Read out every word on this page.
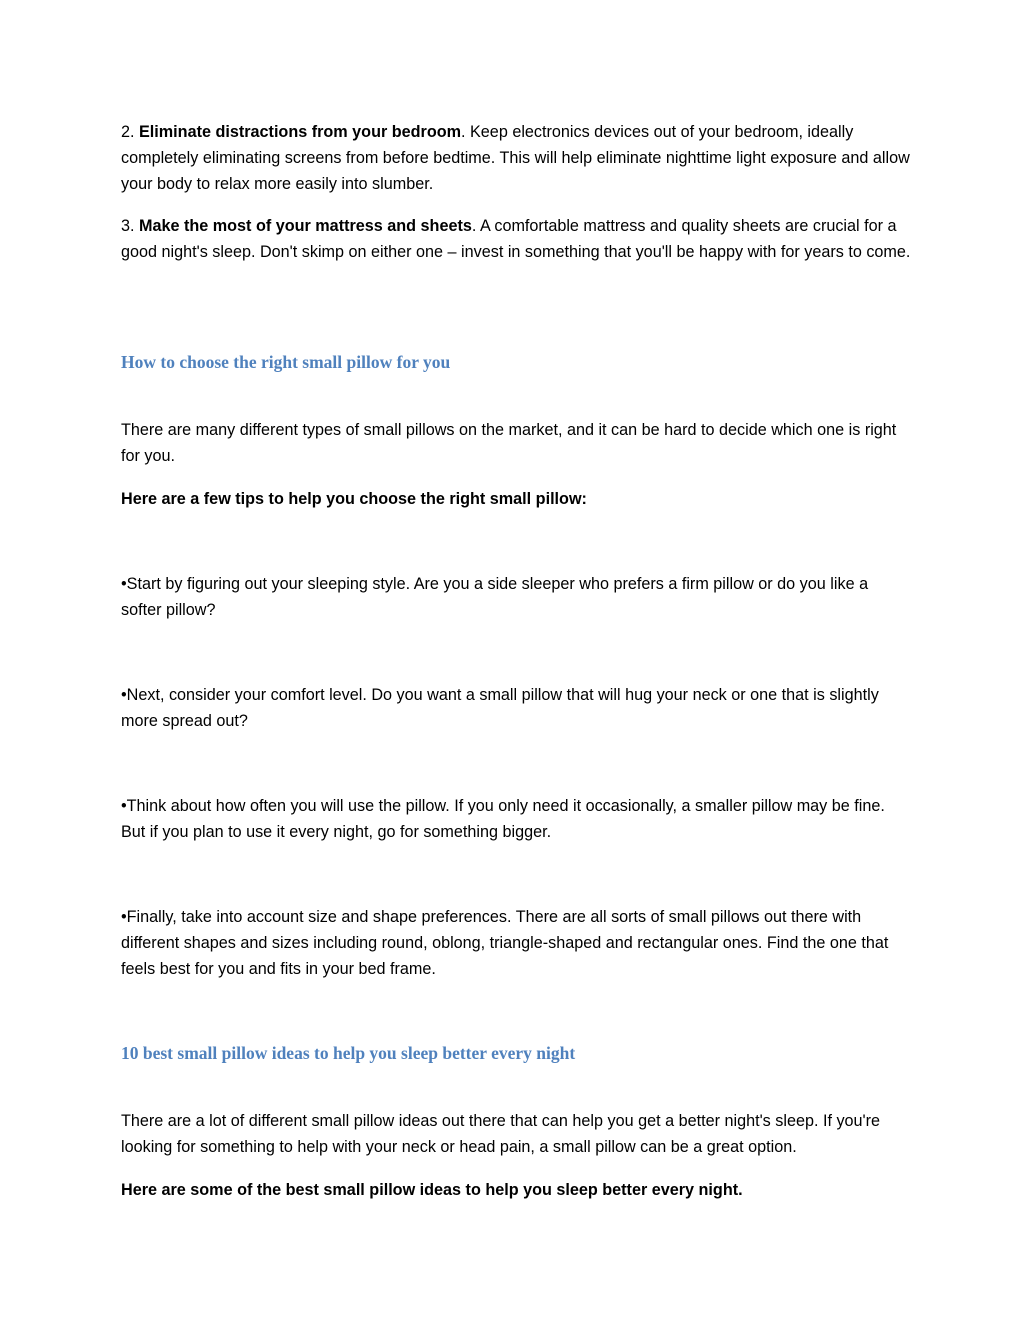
2. Eliminate distractions from your bedroom. Keep electronics devices out of your bedroom, ideally completely eliminating screens from before bedtime. This will help eliminate nighttime light exposure and allow your body to relax more easily into slumber.

3. Make the most of your mattress and sheets. A comfortable mattress and quality sheets are crucial for a good night's sleep. Don't skimp on either one – invest in something that you'll be happy with for years to come.

How to choose the right small pillow for you

There are many different types of small pillows on the market, and it can be hard to decide which one is right for you.

Here are a few tips to help you choose the right small pillow:

•Start by figuring out your sleeping style. Are you a side sleeper who prefers a firm pillow or do you like a softer pillow?

•Next, consider your comfort level. Do you want a small pillow that will hug your neck or one that is slightly more spread out?

•Think about how often you will use the pillow. If you only need it occasionally, a smaller pillow may be fine. But if you plan to use it every night, go for something bigger.

•Finally, take into account size and shape preferences. There are all sorts of small pillows out there with different shapes and sizes including round, oblong, triangle-shaped and rectangular ones. Find the one that feels best for you and fits in your bed frame.

10 best small pillow ideas to help you sleep better every night

There are a lot of different small pillow ideas out there that can help you get a better night's sleep. If you're looking for something to help with your neck or head pain, a small pillow can be a great option.

Here are some of the best small pillow ideas to help you sleep better every night.
